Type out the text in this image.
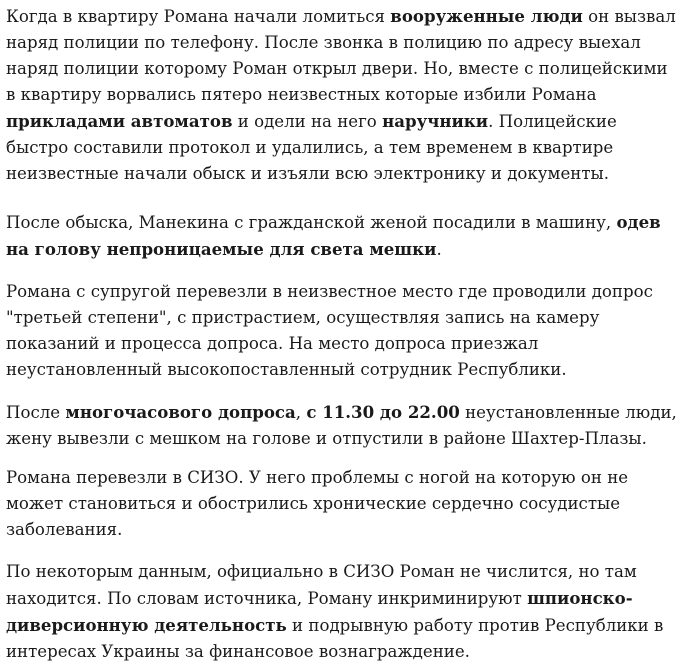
Когда в квартиру Романа начали ломиться вооруженные люди он вызвал наряд полиции по телефону. После звонка в полицию по адресу выехал наряд полиции которому Роман открыл двери. Но, вместе с полицейскими в квартиру ворвались пятеро неизвестных которые избили Романа прикладами автоматов и одели на него наручники. Полицейские быстро составили протокол и удалились, а тем временем в квартире неизвестные начали обыск и изъяли всю электронику и документы.

После обыска, Манекина с гражданской женой посадили в машину, одев на голову непроницаемые для света мешки.

Романа с супругой перевезли в неизвестное место где проводили допрос "третьей степени", с пристрастием, осуществляя запись на камеру показаний и процесса допроса. На место допроса приезжал неустановленный высокопоставленный сотрудник Республики.

После многочасового допроса, с 11.30 до 22.00 неустановленные люди, жену вывезли с мешком на голове и отпустили в районе Шахтер-Плазы.

Романа перевезли в СИЗО. У него проблемы с ногой на которую он не может становиться и обострились хронические сердечно сосудистые заболевания.

По некоторым данным, официально в СИЗО Роман не числится, но там находится. По словам источника, Роману инкриминируют шпионско-диверсионную деятельность и подрывную работу против Республики в интересах Украины за финансовое вознаграждение.
